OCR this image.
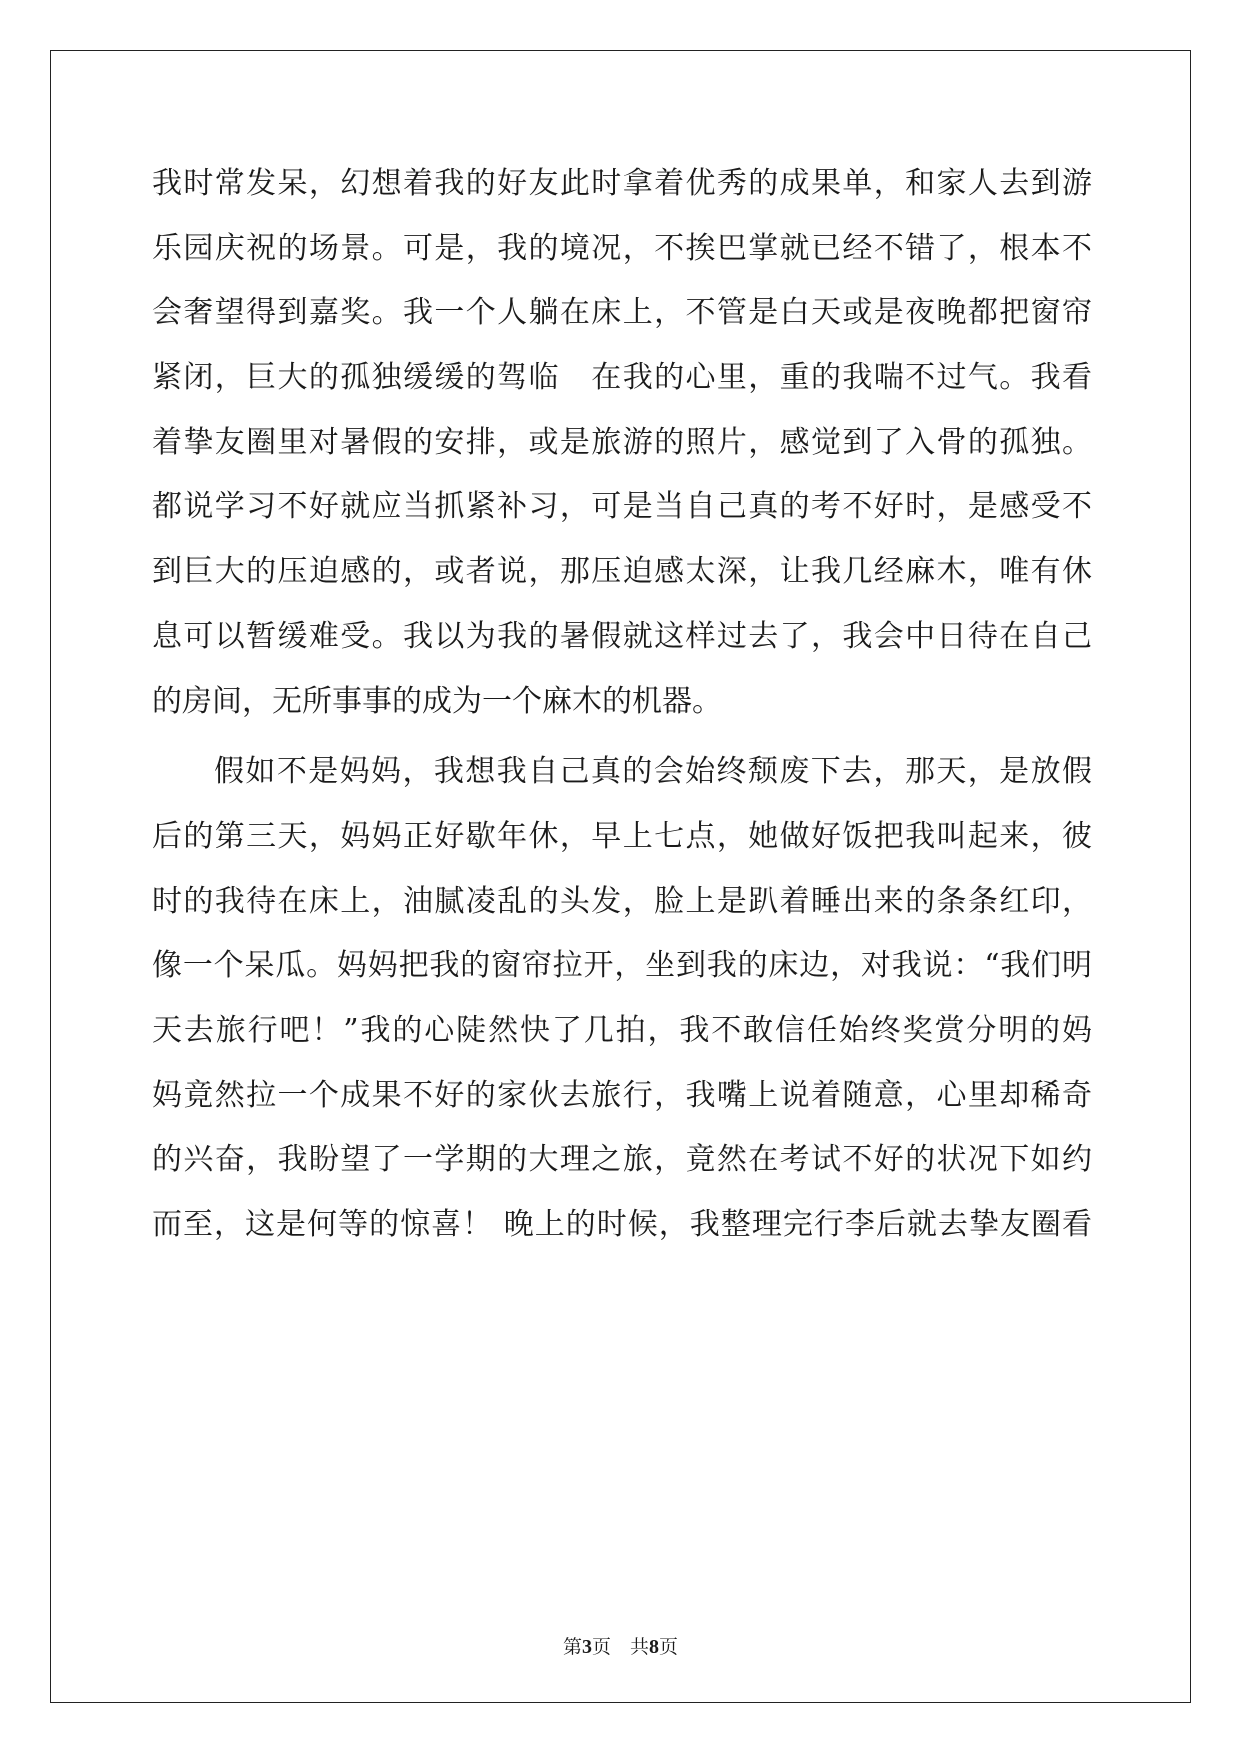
我时常发呆，幻想着我的好友此时拿着优秀的成果单，和家人去到游
乐园庆祝的场景。可是，我的境况，不挨巴掌就已经不错了，根本不
会奢望得到嘉奖。我一个人躺在床上，不管是白天或是夜晚都把窗帘
紧闭，巨大的孤独缓缓的驾临　在我的心里，重的我喘不过气。我看
着挚友圈里对暑假的安排，或是旅游的照片，感觉到了入骨的孤独。
都说学习不好就应当抓紧补习，可是当自己真的考不好时，是感受不
到巨大的压迫感的，或者说，那压迫感太深，让我几经麻木，唯有休
息可以暂缓难受。我以为我的暑假就这样过去了，我会中日待在自己
的房间，无所事事的成为一个麻木的机器。
假如不是妈妈，我想我自己真的会始终颓废下去，那天，是放假
后的第三天，妈妈正好歇年休，早上七点，她做好饭把我叫起来，彼
时的我待在床上，油腻凌乱的头发，脸上是趴着睡出来的条条红印，
像一个呆瓜。妈妈把我的窗帘拉开，坐到我的床边，对我说：“我们明
天去旅行吧！”我的心陡然快了几拍，我不敢信任始终奖赏分明的妈
妈竟然拉一个成果不好的家伙去旅行，我嘴上说着随意，心里却稀奇
的兴奋，我盼望了一学期的大理之旅，竟然在考试不好的状况下如约
而至，这是何等的惊喜！ 晚上的时候，我整理完行李后就去挚友圈看
第3页　 共8页
